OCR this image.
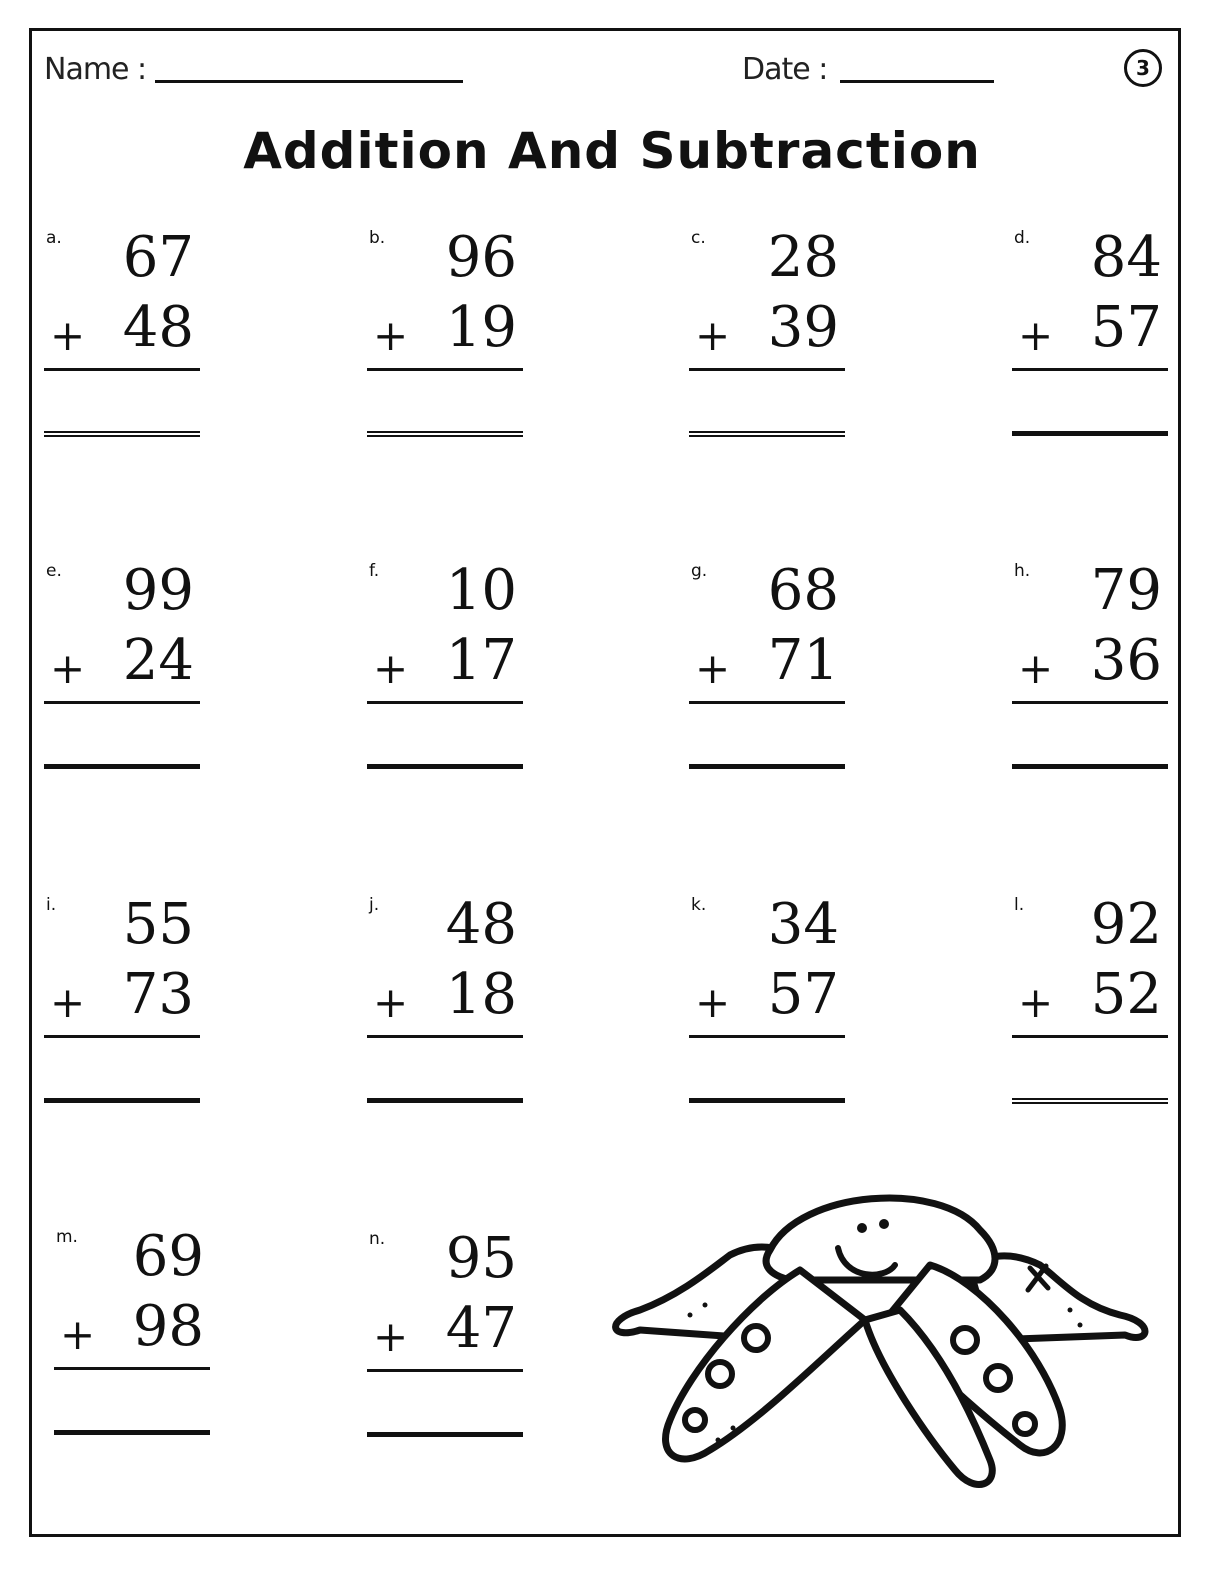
Name :	Date :	3
Addition And Subtraction
a. 67
+ 48
b. 96
+ 19
c. 28
+ 39
d. 84
+ 57
e. 99
+ 24
f. 10
+ 17
g. 68
+ 71
h. 79
+ 36
i. 55
+ 73
j. 48
+ 18
k. 34
+ 57
l. 92
+ 52
m. 69
+ 98
n. 95
+ 47
